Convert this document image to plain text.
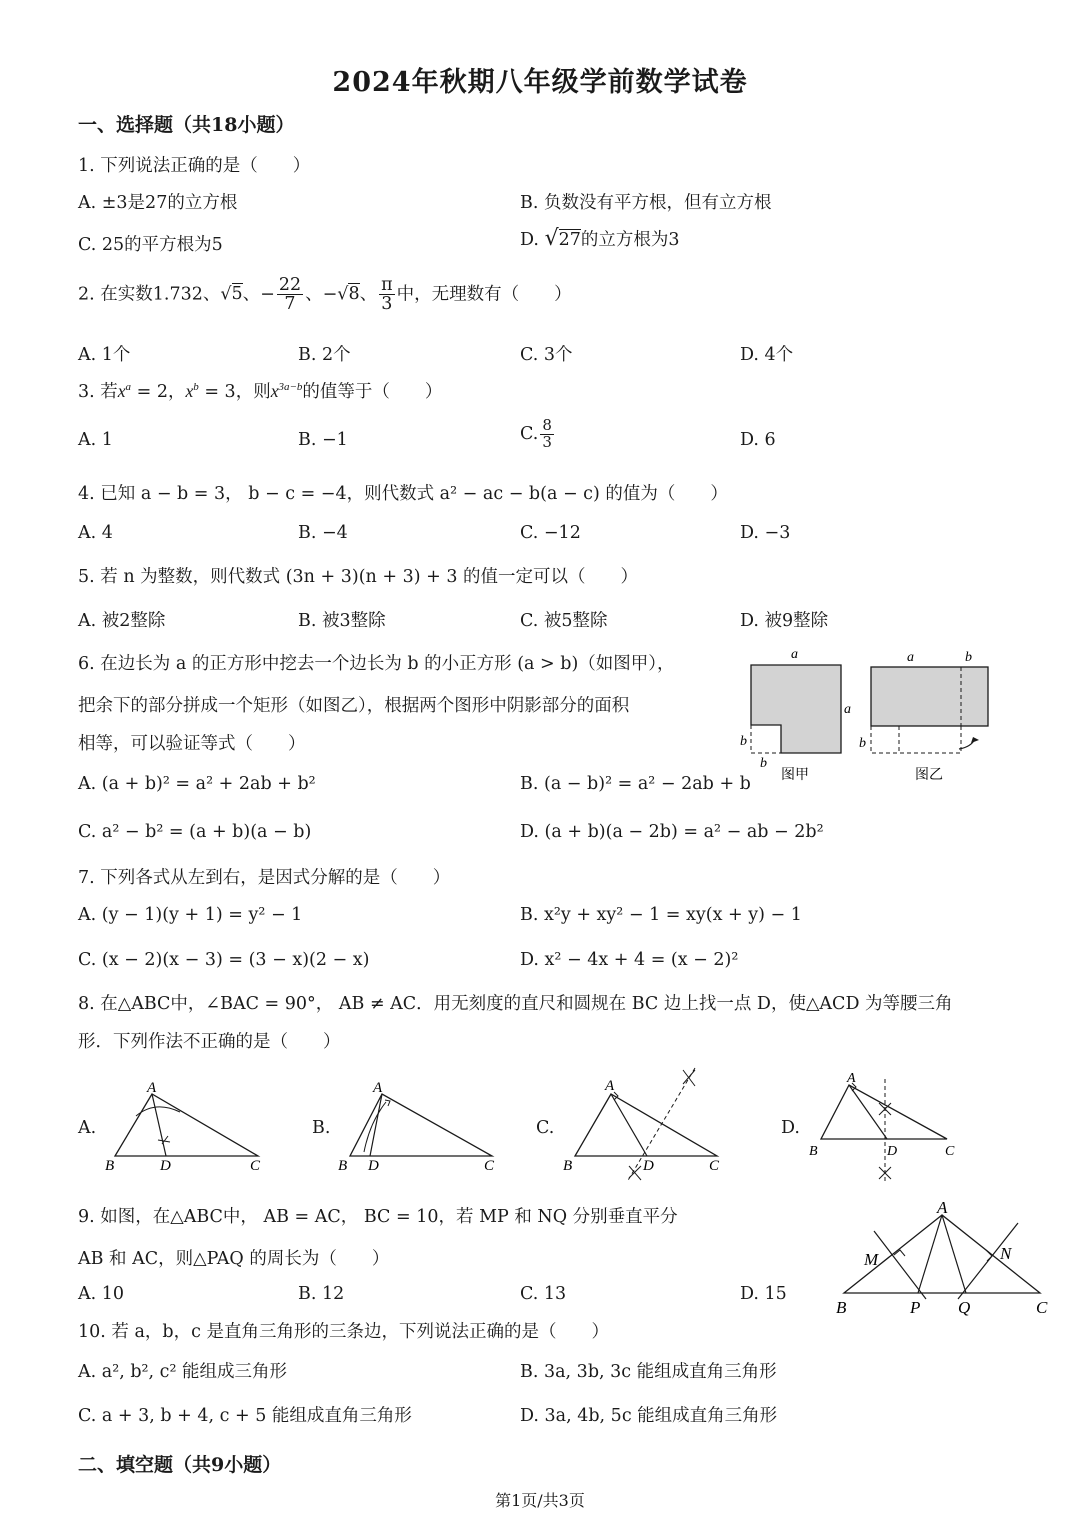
2024年秋期八年级学前数学试卷
一、选择题（共18小题）
1. 下列说法正确的是（　　）
A. ±3是27的立方根	B. 负数没有平方根，但有立方根
C. 25的平方根为5	D. √27的立方根为3
2. 在实数1.732、√5、− $\frac{22}{7}$ 、−√8、 $\frac{\pi}{3}$ 中，无理数有（　　）
A. 1个	B. 2个	C. 3个	D. 4个
3. 若$x^a = 2$，$x^b = 3$，则$x^{3a-b}$的值等于（　　）
A. 1	B. −1	C. $\frac{8}{3}$	D. 6
4. 已知 a − b = 3， b − c = −4，则代数式 a² − ac − b(a − c) 的值为（　　）
A. 4	B. −4	C. −12	D. −3
5. 若 n 为整数，则代数式 (3n + 3)(n + 3) + 3 的值一定可以（　　）
A. 被2整除	B. 被3整除	C. 被5整除	D. 被9整除
6. 在边长为 a 的正方形中挖去一个边长为 b 的小正方形 (a > b)（如图甲），
把余下的部分拼成一个矩形（如图乙），根据两个图形中阴影部分的面积
相等，可以验证等式（　　）
a
a
b
b
图甲
a	b
b
图乙
A. (a + b)² = a² + 2ab + b²	B. (a − b)² = a² − 2ab + b
C. a² − b² = (a + b)(a − b)	D. (a + b)(a − 2b) = a² − ab − 2b²
7. 下列各式从左到右，是因式分解的是（　　）
A. (y − 1)(y + 1) = y² − 1	B. x²y + xy² − 1 = xy(x + y) − 1
C. (x − 2)(x − 3) = (3 − x)(2 − x)	D. x² − 4x + 4 = (x − 2)²
8. 在△ABC中，∠BAC = 90°， AB ≠ AC．用无刻度的直尺和圆规在 BC 边上找一点 D，使△ACD 为等腰三角
形．下列作法不正确的是（　　）
A.
A
B	D	C
B.
A
B D	C
C.
A
B	D	C
D.
A
B	D	C
9. 如图，在△ABC中， AB = AC， BC = 10，若 MP 和 NQ 分别垂直平分
AB 和 AC，则△PAQ 的周长为（　　）
A. 10	B. 12	C. 13	D. 15
A
B	C
M	N
P Q
10. 若 a，b，c 是直角三角形的三条边，下列说法正确的是（　　）
A. a², b², c² 能组成三角形	B. 3a, 3b, 3c 能组成直角三角形
C. a + 3, b + 4, c + 5 能组成直角三角形	D. 3a, 4b, 5c 能组成直角三角形
二、填空题（共9小题）
第1页/共3页
